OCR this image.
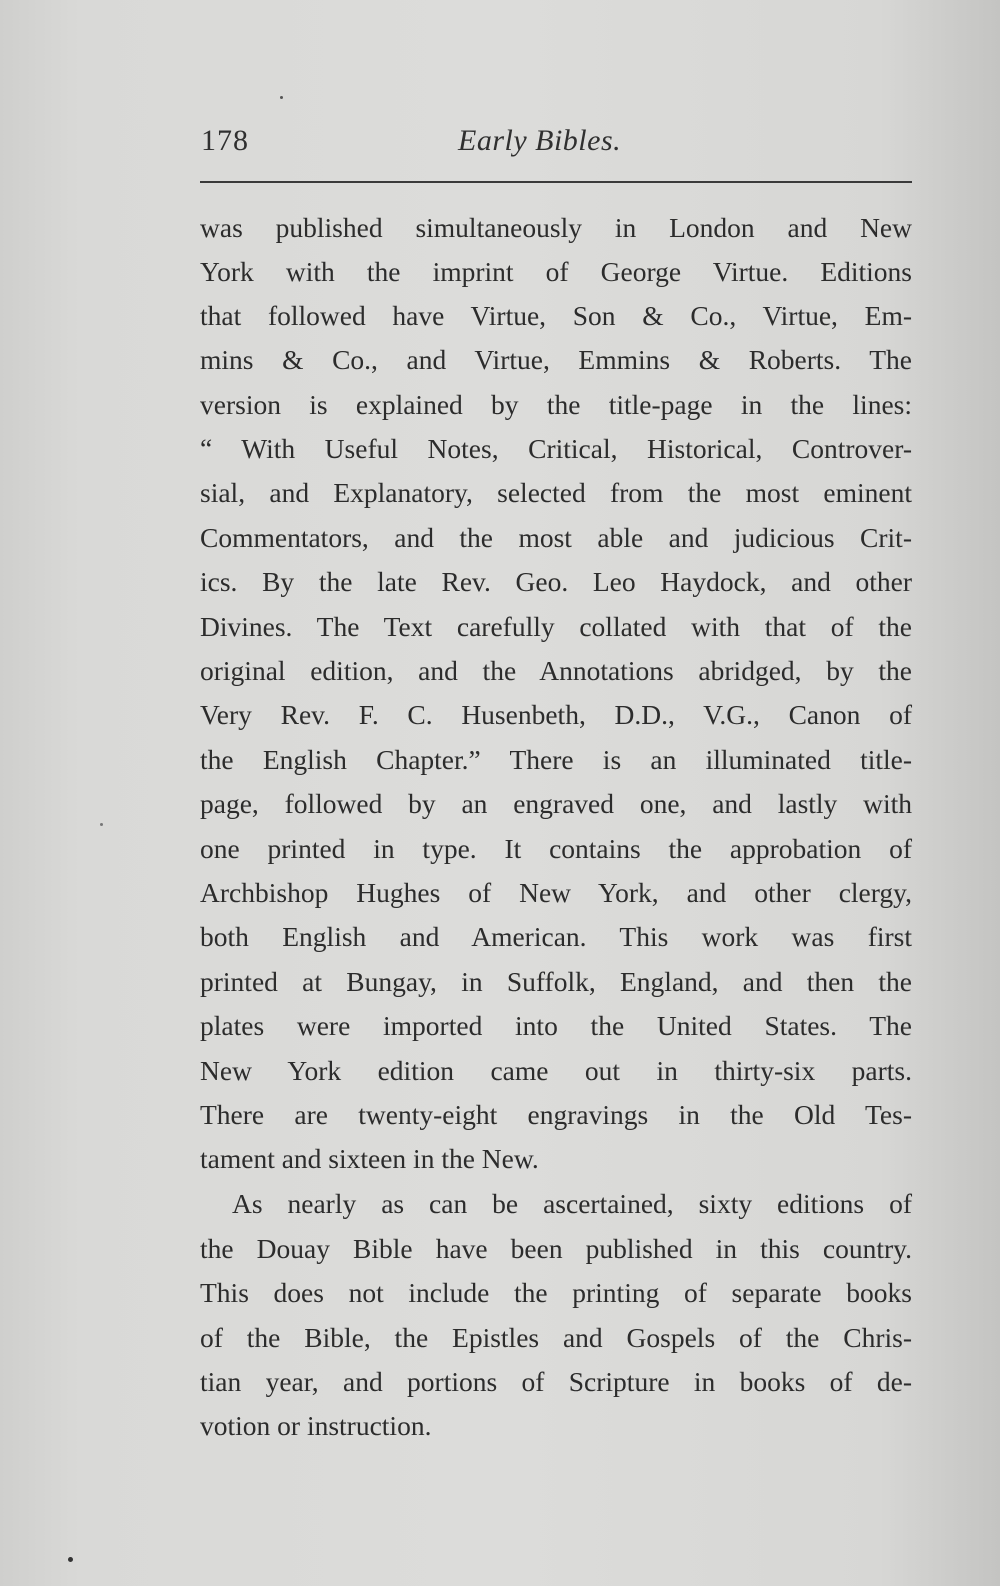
178	Early Bibles.
was published simultaneously in London and New
York with the imprint of George Virtue. Editions
that followed have Virtue, Son & Co., Virtue, Em-
mins & Co., and Virtue, Emmins & Roberts. The
version is explained by the title-page in the lines:
“ With Useful Notes, Critical, Historical, Controver-
sial, and Explanatory, selected from the most eminent
Commentators, and the most able and judicious Crit-
ics. By the late Rev. Geo. Leo Haydock, and other
Divines. The Text carefully collated with that of the
original edition, and the Annotations abridged, by the
Very Rev. F. C. Husenbeth, D.D., V.G., Canon of
the English Chapter.” There is an illuminated title-
page, followed by an engraved one, and lastly with
one printed in type. It contains the approbation of
Archbishop Hughes of New York, and other clergy,
both English and American. This work was first
printed at Bungay, in Suffolk, England, and then the
plates were imported into the United States. The
New York edition came out in thirty-six parts.
There are twenty-eight engravings in the Old Tes-
tament and sixteen in the New.
As nearly as can be ascertained, sixty editions of
the Douay Bible have been published in this country.
This does not include the printing of separate books
of the Bible, the Epistles and Gospels of the Chris-
tian year, and portions of Scripture in books of de-
votion or instruction.
